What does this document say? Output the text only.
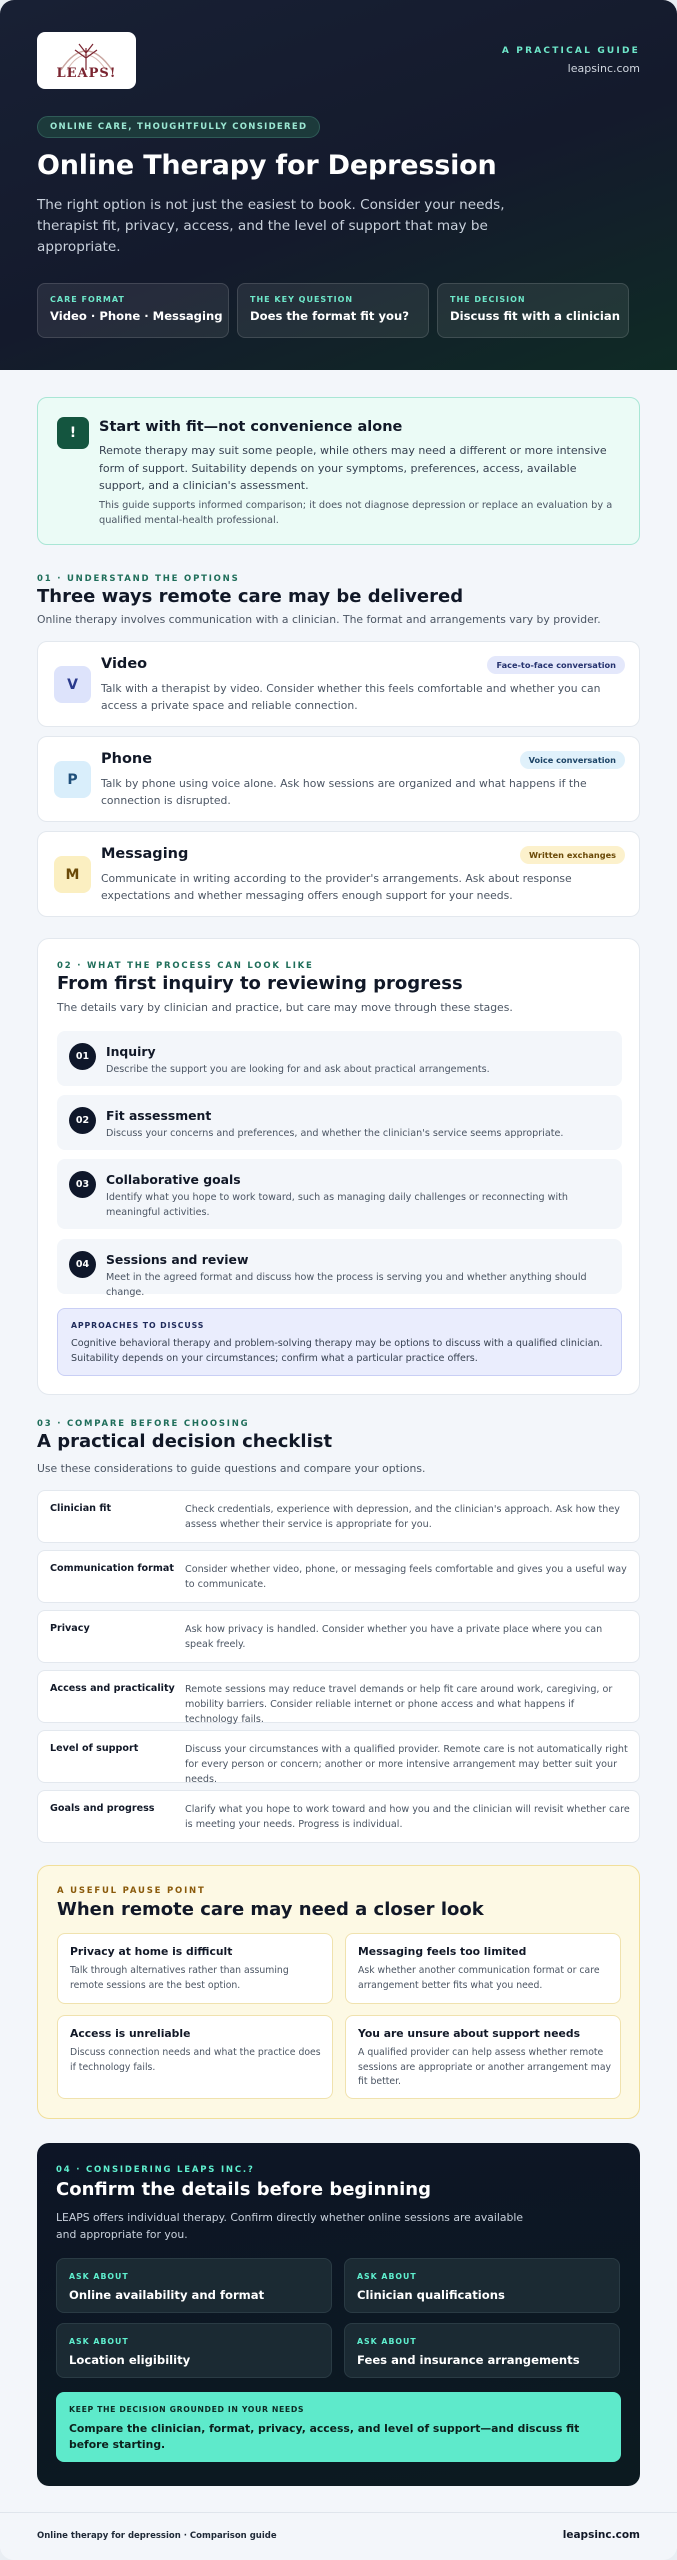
LEAPS!
A PRACTICAL GUIDE
leapsinc.com
ONLINE CARE, THOUGHTFULLY CONSIDERED
Online Therapy for Depression

The right option is not just the easiest to book. Consider your needs, therapist fit, privacy, access, and the level of support that may be appropriate.

CARE FORMAT
Video · Phone · Messaging
THE KEY QUESTION
Does the format fit you?
THE DECISION
Discuss fit with a clinician
!	Start with fit—not convenience alone

Remote therapy may suit some people, while others may need a different or more intensive form of support. Suitability depends on your symptoms, preferences, access, available support, and a clinician's assessment.

This guide supports informed comparison; it does not diagnose depression or replace an evaluation by a qualified mental-health professional.

01 · UNDERSTAND THE OPTIONS
Three ways remote care may be delivered

Online therapy involves communication with a clinician. The format and arrangements vary by provider.

V
Video	Face-to-face conversation

Talk with a therapist by video. Consider whether this feels comfortable and whether you can access a private space and reliable connection.

P
Phone	Voice conversation

Talk by phone using voice alone. Ask how sessions are organized and what happens if the connection is disrupted.

M
Messaging	Written exchanges

Communicate in writing according to the provider's arrangements. Ask about response expectations and whether messaging offers enough support for your needs.

02 · WHAT THE PROCESS CAN LOOK LIKE
From first inquiry to reviewing progress

The details vary by clinician and practice, but care may move through these stages.

01	Inquiry
Describe the support you are looking for and ask about practical arrangements.
02	Fit assessment
Discuss your concerns and preferences, and whether the clinician's service seems appropriate.
03	Collaborative goals
Identify what you hope to work toward, such as managing daily challenges or reconnecting with meaningful activities.
04	Sessions and review
Meet in the agreed format and discuss how the process is serving you and whether anything should change.
APPROACHES TO DISCUSS
Cognitive behavioral therapy and problem-solving therapy may be options to discuss with a qualified clinician. Suitability depends on your circumstances; confirm what a particular practice offers.
03 · COMPARE BEFORE CHOOSING
A practical decision checklist

Use these considerations to guide questions and compare your options.

Clinician fit	Check credentials, experience with depression, and the clinician's approach. Ask how they assess whether their service is appropriate for you.
Communication format	Consider whether video, phone, or messaging feels comfortable and gives you a useful way to communicate.
Privacy	Ask how privacy is handled. Consider whether you have a private place where you can speak freely.
Access and practicality	Remote sessions may reduce travel demands or help fit care around work, caregiving, or mobility barriers. Consider reliable internet or phone access and what happens if technology fails.
Level of support	Discuss your circumstances with a qualified provider. Remote care is not automatically right for every person or concern; another or more intensive arrangement may better suit your needs.
Goals and progress	Clarify what you hope to work toward and how you and the clinician will revisit whether care is meeting your needs. Progress is individual.
A USEFUL PAUSE POINT
When remote care may need a closer look
Privacy at home is difficult
Talk through alternatives rather than assuming remote sessions are the best option.
Messaging feels too limited
Ask whether another communication format or care arrangement better fits what you need.
Access is unreliable
Discuss connection needs and what the practice does if technology fails.
You are unsure about support needs
A qualified provider can help assess whether remote sessions are appropriate or another arrangement may fit better.
04 · CONSIDERING LEAPS INC.?
Confirm the details before beginning

LEAPS offers individual therapy. Confirm directly whether online sessions are available and appropriate for you.

ASK ABOUT
Online availability and format
ASK ABOUT
Clinician qualifications
ASK ABOUT
Location eligibility
ASK ABOUT
Fees and insurance arrangements
KEEP THE DECISION GROUNDED IN YOUR NEEDS
Compare the clinician, format, privacy, access, and level of support—and discuss fit before starting.
Online therapy for depression · Comparison guide	leapsinc.com
